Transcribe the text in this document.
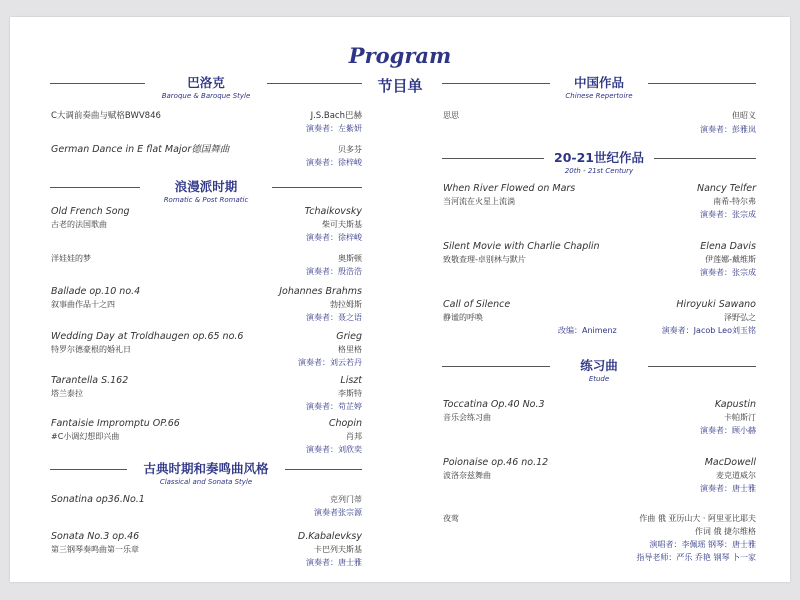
Program
节目单
巴洛克
Baroque & Baroque Style
C大调前奏曲与赋格BWV846	J.S.Bach巴赫
演奏者：左紫妍
German Dance in E flat Major德国舞曲	贝多芬
演奏者：徐梓峻
浪漫派时期
Romatic & Post Romatic
Old French Song
古老的法国歌曲
Tchaikovsky
柴可夫斯基
演奏者：徐梓峻
洋娃娃的梦	奥斯顿
演奏者：殷浩浩
Ballade op.10 no.4
叙事曲作品十之四
Johannes Brahms
勃拉姆斯
演奏者：聂之语
Wedding Day at Troldhaugen op.65 no.6
特罗尔德豪根的婚礼日
Grieg
格里格
演奏者：刘云若丹
Tarantella S.162
塔兰泰拉
Liszt
李斯特
演奏者：苟芷婷
Fantaisie Impromptu OP.66
#C小调幻想即兴曲
Chopin
肖邦
演奏者：刘欣奕
古典时期和奏鸣曲风格
Classical and Sonata Style
Sonatina op36.No.1	克列门蒂
演奏者张宗源
Sonata No.3 op.46
第三钢琴奏鸣曲第一乐章
D.Kabalevksy
卡巴列夫斯基
演奏者：唐士雅
中国作品
Chinese Repertoire
思思	但昭义
演奏者：彭雅岚
20-21世纪作品
20th - 21st Century
When River Flowed on Mars
当河流在火星上流淌
Nancy Telfer
南希-特尔弗
演奏者：张宗成
Silent Movie with Charlie Chaplin
致敬查理-卓别林与默片
Elena Davis
伊莲娜-戴维斯
演奏者：张宗成
Call of Silence
静谧的呼唤
Hiroyuki Sawano
泽野弘之
改编：Animenz	演奏者：Jacob Leo刘玉铭
练习曲
Etude
Toccatina Op.40 No.3
音乐会练习曲
Kapustin
卡帕斯汀
演奏者：顾小赫
Poionaise op.46 no.12
波洛奈兹舞曲
MacDowell
麦克道威尔
演奏者：唐士雅
夜莺	作曲 俄 亚历山大 · 阿里亚比耶夫
作词 俄 捷尔维格
演唱者：李佩瑶 钢琴：唐士雅
指导老师：严乐 乔艳 钢琴 卜一家
